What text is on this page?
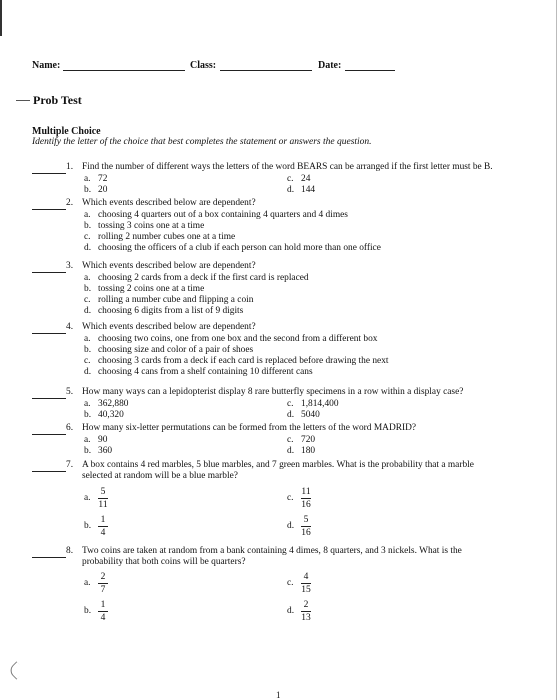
Name:	Class:	Date:
Prob Test
Multiple Choice
Identify the letter of the choice that best completes the statement or answers the question.
1. Find the number of different ways the letters of the word BEARS can be arranged if the first letter must be B.
a. 72
b. 20
c. 24
d. 144
2. Which events described below are dependent?
a. choosing 4 quarters out of a box containing 4 quarters and 4 dimes
b. tossing 3 coins one at a time
c. rolling 2 number cubes one at a time
d. choosing the officers of a club if each person can hold more than one office
3. Which events described below are dependent?
a. choosing 2 cards from a deck if the first card is replaced
b. tossing 2 coins one at a time
c. rolling a number cube and flipping a coin
d. choosing 6 digits from a list of 9 digits
4. Which events described below are dependent?
a. choosing two coins, one from one box and the second from a different box
b. choosing size and color of a pair of shoes
c. choosing 3 cards from a deck if each card is replaced before drawing the next
d. choosing 4 cans from a shelf containing 10 different cans
5. How many ways can a lepidopterist display 8 rare butterfly specimens in a row within a display case?
a. 362,880
b. 40,320
c. 1,814,400
d. 5040
6. How many six-letter permutations can be formed from the letters of the word MADRID?
a. 90
b. 360
c. 720
d. 180
7. A box contains 4 red marbles, 5 blue marbles, and 7 green marbles. What is the probability that a marble
selected at random will be a blue marble?
a. $\frac{5}{11}$
b. $\frac{1}{4}$
c. $\frac{11}{16}$
d. $\frac{5}{16}$
8. Two coins are taken at random from a bank containing 4 dimes, 8 quarters, and 3 nickels. What is the
probability that both coins will be quarters?
a. $\frac{2}{7}$
b. $\frac{1}{4}$
c. $\frac{4}{15}$
d. $\frac{2}{13}$
1
